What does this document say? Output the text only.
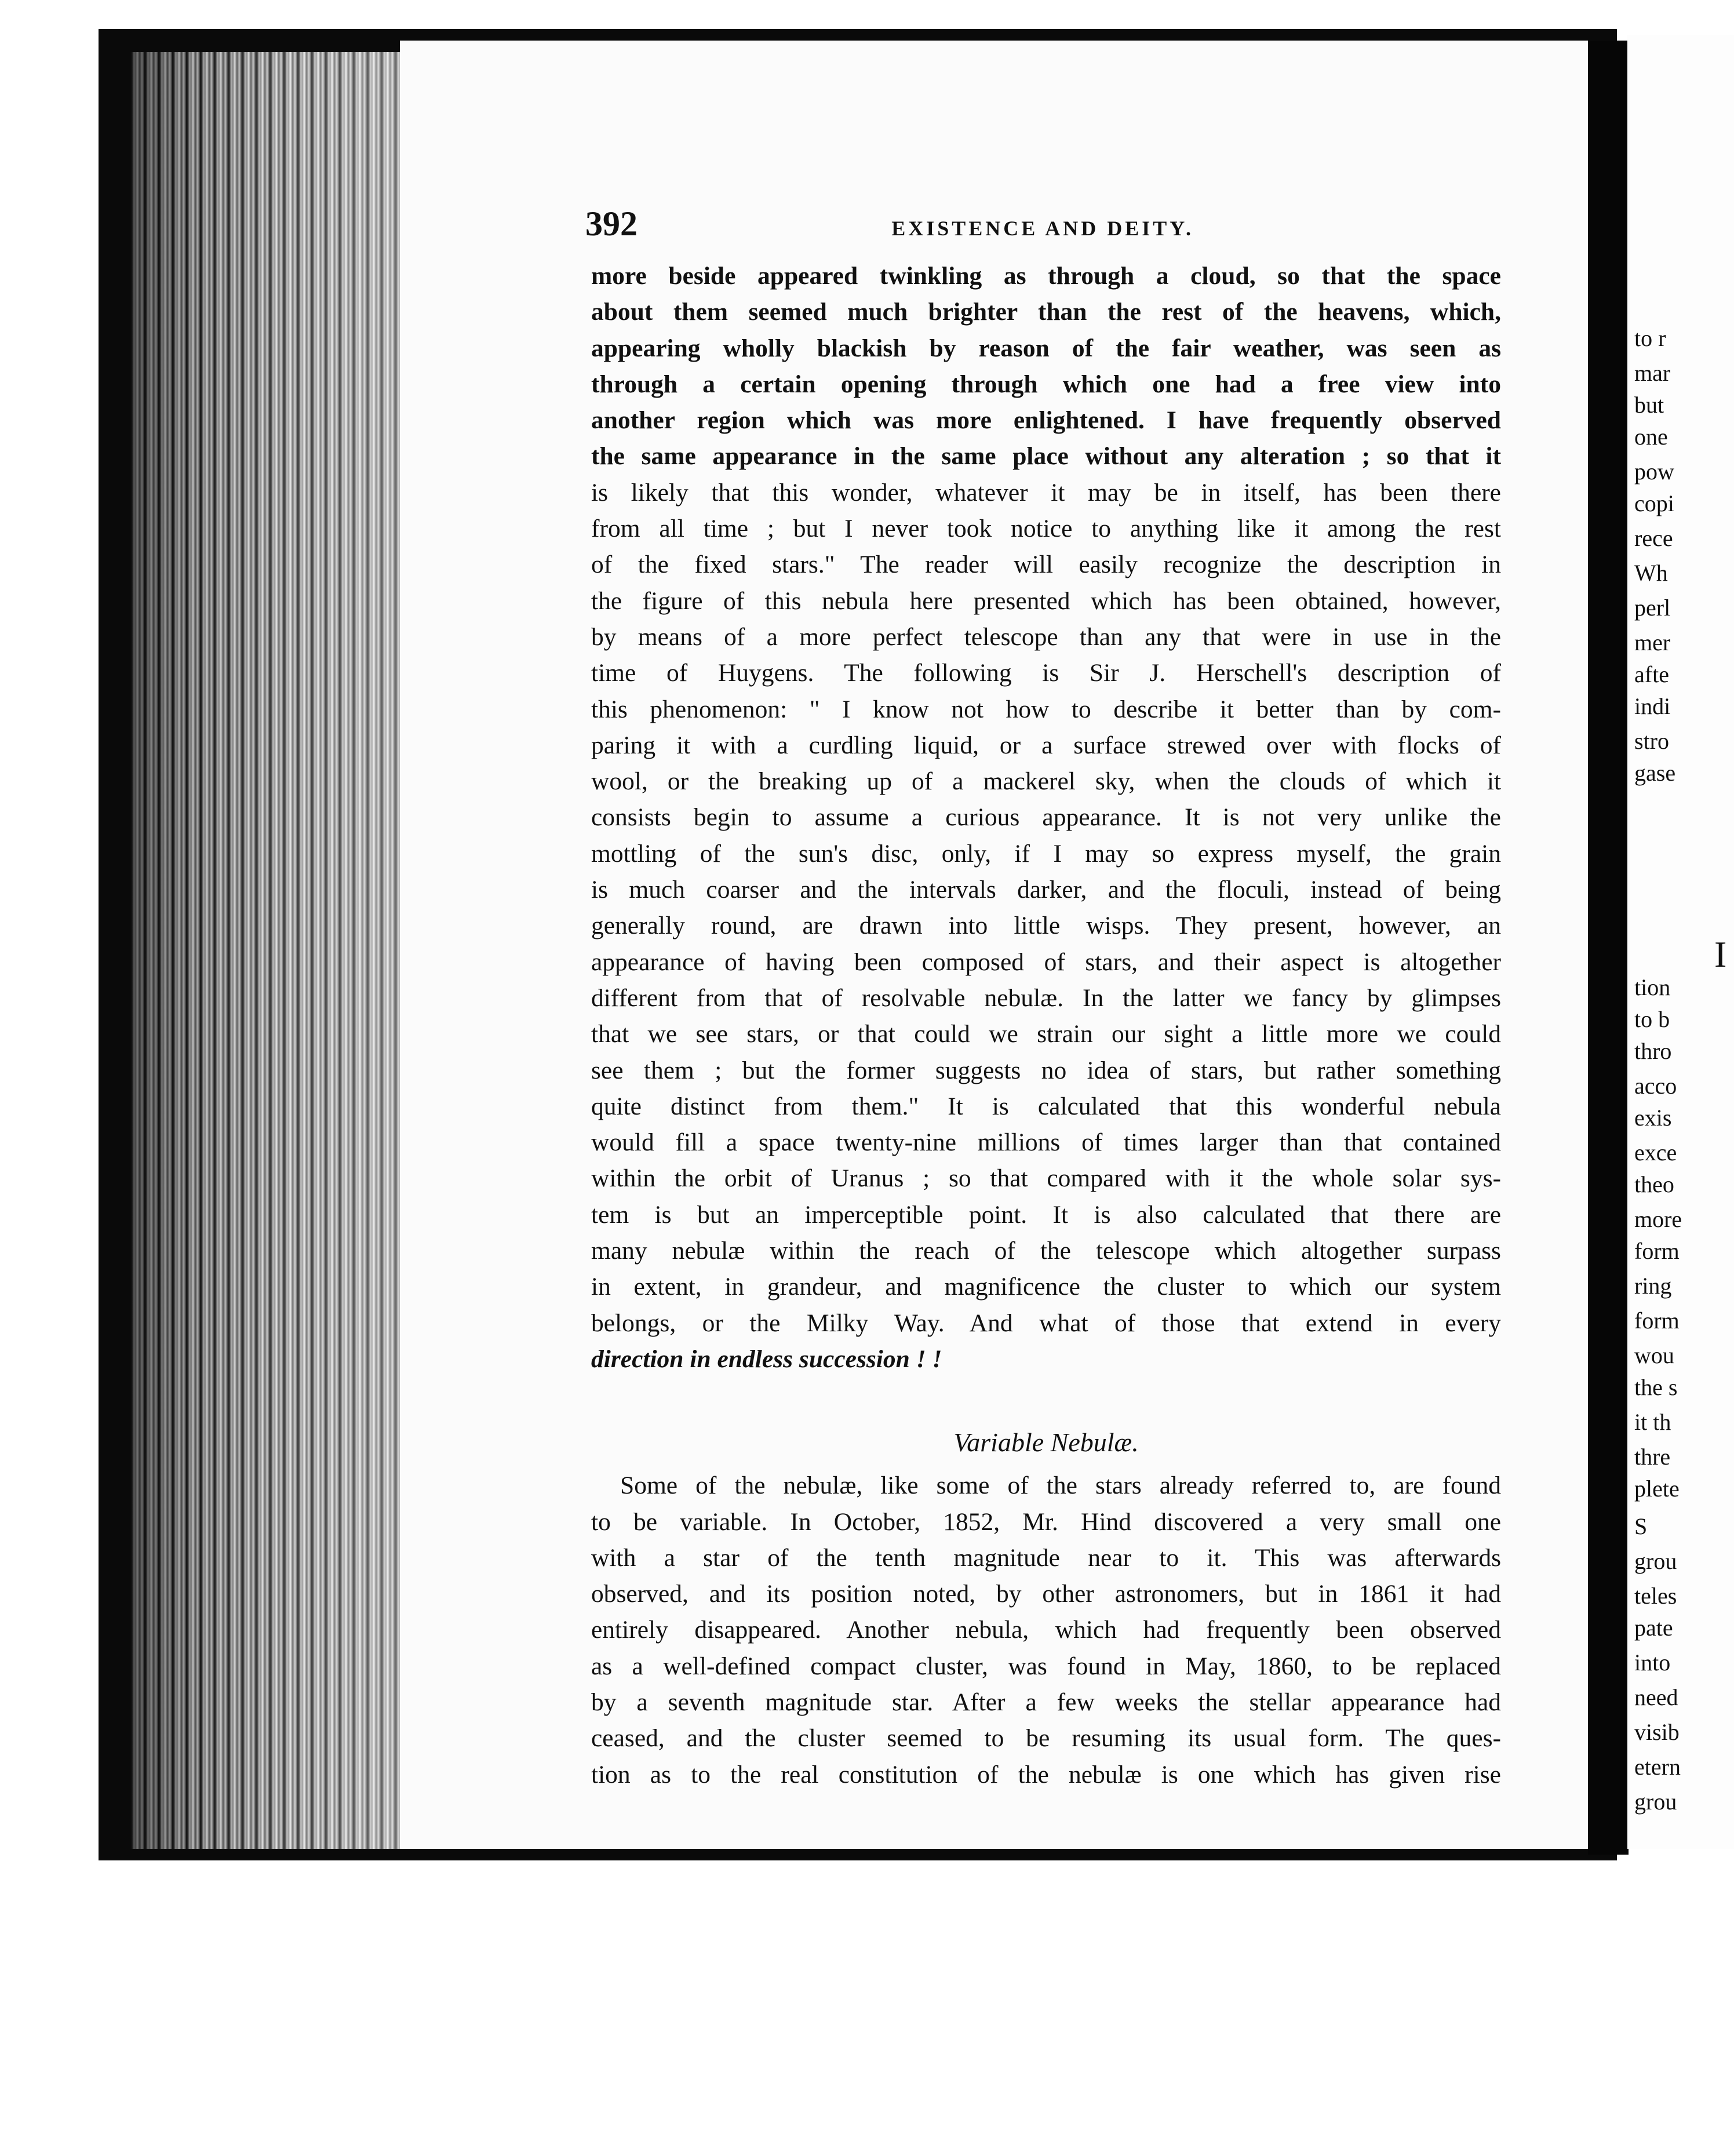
to r
mar
but
one
pow
copi
rece
Wh
perl
mer
afte
indi
stro
gase
tion
to b
thro
acco
exis
exce
theo
more
form
ring
form
wou
the s
it th
thre
plete
S
grou
teles
pate
into
need
visib
etern
grou
I
392	EXISTENCE AND DEITY.
more beside appeared twinkling as through a cloud, so that the space
about them seemed much brighter than the rest of the heavens, which,
appearing wholly blackish by reason of the fair weather, was seen as
through a certain opening through which one had a free view into
another region which was more enlightened. I have frequently observed
the same appearance in the same place without any alteration ; so that it
is likely that this wonder, whatever it may be in itself, has been there
from all time ; but I never took notice to anything like it among the rest
of the fixed stars." The reader will easily recognize the description in
the figure of this nebula here presented which has been obtained, however,
by means of a more perfect telescope than any that were in use in the
time of Huygens. The following is Sir J. Herschell's description of
this phenomenon: " I know not how to describe it better than by com-
paring it with a curdling liquid, or a surface strewed over with flocks of
wool, or the breaking up of a mackerel sky, when the clouds of which it
consists begin to assume a curious appearance. It is not very unlike the
mottling of the sun's disc, only, if I may so express myself, the grain
is much coarser and the intervals darker, and the floculi, instead of being
generally round, are drawn into little wisps. They present, however, an
appearance of having been composed of stars, and their aspect is altogether
different from that of resolvable nebulæ. In the latter we fancy by glimpses
that we see stars, or that could we strain our sight a little more we could
see them ; but the former suggests no idea of stars, but rather something
quite distinct from them." It is calculated that this wonderful nebula
would fill a space twenty-nine millions of times larger than that contained
within the orbit of Uranus ; so that compared with it the whole solar sys-
tem is but an imperceptible point. It is also calculated that there are
many nebulæ within the reach of the telescope which altogether surpass
in extent, in grandeur, and magnificence the cluster to which our system
belongs, or the Milky Way. And what of those that extend in every
direction in endless succession ! !
Variable Nebulæ.
Some of the nebulæ, like some of the stars already referred to, are found
to be variable. In October, 1852, Mr. Hind discovered a very small one
with a star of the tenth magnitude near to it. This was afterwards
observed, and its position noted, by other astronomers, but in 1861 it had
entirely disappeared. Another nebula, which had frequently been observed
as a well-defined compact cluster, was found in May, 1860, to be replaced
by a seventh magnitude star. After a few weeks the stellar appearance had
ceased, and the cluster seemed to be resuming its usual form. The ques-
tion as to the real constitution of the nebulæ is one which has given rise
